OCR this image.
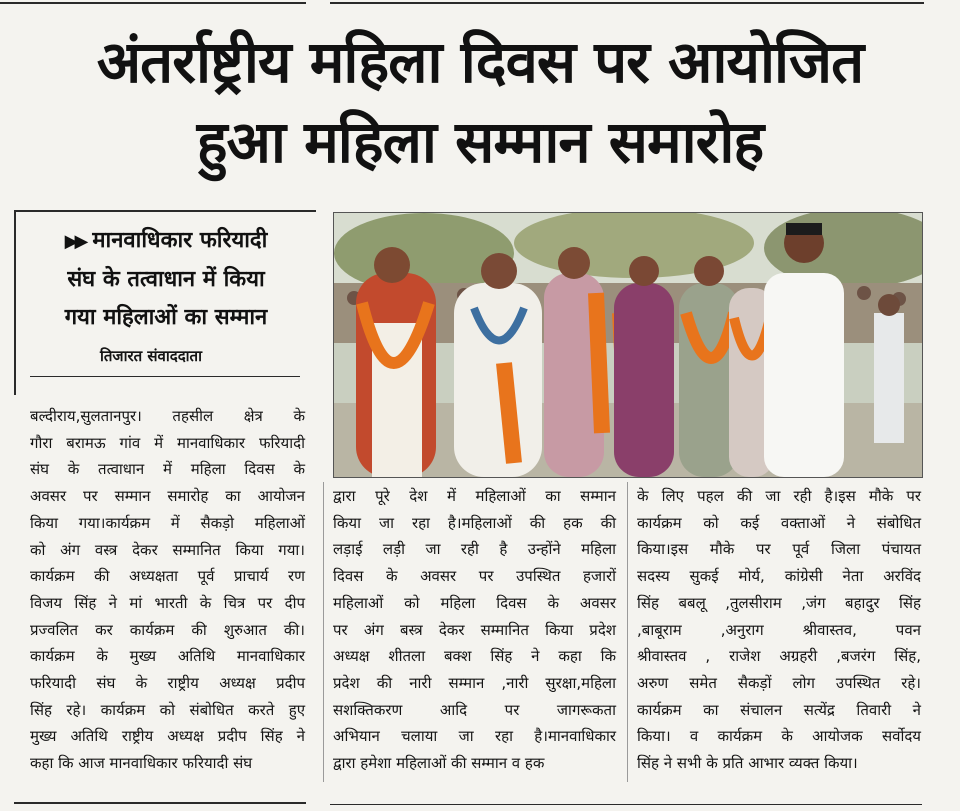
अंतर्राष्ट्रीय महिला दिवस पर आयोजित
हुआ महिला सम्मान समारोह
▶▶ मानवाधिकार फरियादी
संघ के तत्वाधान में किया
गया महिलाओं का सम्मान
तिजारत संवाददाता

बल्दीराय,सुलतानपुर। तहसील क्षेत्र के

गौरा बरामऊ गांव में मानवाधिकार फरियादी

संघ के तत्वाधान में महिला दिवस के

अवसर पर सम्मान समारोह का आयोजन

किया गया।कार्यक्रम में सैकड़ो महिलाओं

को अंग वस्त्र देकर सम्मानित किया गया।

कार्यक्रम की अध्यक्षता पूर्व प्राचार्य रण

विजय सिंह ने मां भारती के चित्र पर दीप

प्रज्वलित कर कार्यक्रम की शुरुआत की।

कार्यक्रम के मुख्य अतिथि मानवाधिकार

फरियादी संघ के राष्ट्रीय अध्यक्ष प्रदीप

सिंह रहे। कार्यक्रम को संबोधित करते हुए

मुख्य अतिथि राष्ट्रीय अध्यक्ष प्रदीप सिंह ने

कहा कि आज मानवाधिकार फरियादी संघ

द्वारा पूरे देश में महिलाओं का सम्मान

किया जा रहा है।महिलाओं की हक की

लड़ाई लड़ी जा रही है उन्होंने महिला

दिवस के अवसर पर उपस्थित हजारों

महिलाओं को महिला दिवस के अवसर

पर अंग बस्त्र देकर सम्मानित किया प्रदेश

अध्यक्ष शीतला बक्श सिंह ने कहा कि

प्रदेश की नारी सम्मान ,नारी सुरक्षा,महिला

सशक्तिकरण आदि पर जागरूकता

अभियान चलाया जा रहा है।मानवाधिकार

द्वारा हमेशा महिलाओं की सम्मान व हक

के लिए पहल की जा रही है।इस मौके पर

कार्यक्रम को कई वक्ताओं ने संबोधित

किया।इस मौके पर पूर्व जिला पंचायत

सदस्य सुकई मोर्य, कांग्रेसी नेता अरविंद

सिंह बबलू ,तुलसीराम ,जंग बहादुर सिंह

,बाबूराम ,अनुराग श्रीवास्तव, पवन

श्रीवास्तव , राजेश अग्रहरी ,बजरंग सिंह,

अरुण समेत सैकड़ों लोग उपस्थित रहे।

कार्यक्रम का संचालन सत्येंद्र तिवारी ने

किया। व कार्यक्रम के आयोजक सर्वोदय

सिंह ने सभी के प्रति आभार व्यक्त किया।
